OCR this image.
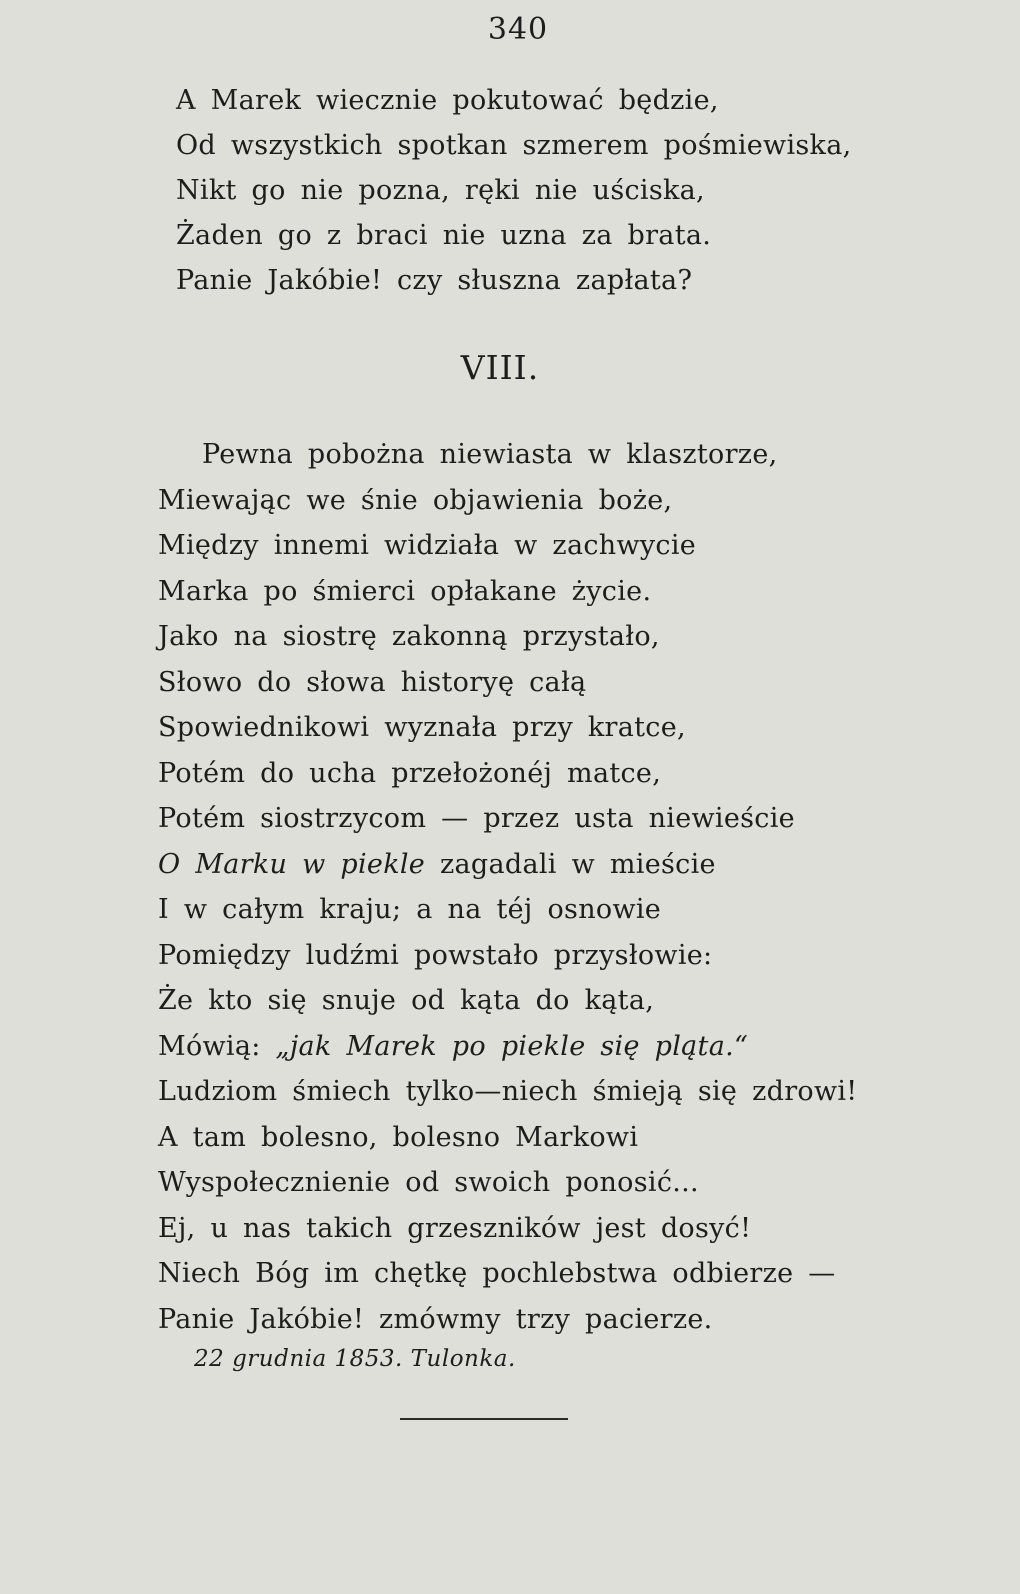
340
A Marek wiecznie pokutować będzie,
Od wszystkich spotkan szmerem pośmiewiska,
Nikt go nie pozna, ręki nie uściska,
Żaden go z braci nie uzna za brata.
Panie Jakóbie! czy słuszna zapłata?
VIII.
Pewna pobożna niewiasta w klasztorze,
Miewając we śnie objawienia boże,
Między innemi widziała w zachwycie
Marka po śmierci opłakane życie.
Jako na siostrę zakonną przystało,
Słowo do słowa historyę całą
Spowiednikowi wyznała przy kratce,
Potém do ucha przełożonéj matce,
Potém siostrzycom — przez usta niewieście
O Marku w piekle zagadali w mieście
I w całym kraju; a na téj osnowie
Pomiędzy ludźmi powstało przysłowie:
Że kto się snuje od kąta do kąta,
Mówią: „jak Marek po piekle się pląta.“
Ludziom śmiech tylko—niech śmieją się zdrowi!
A tam bolesno, bolesno Markowi
Wyspołecznienie od swoich ponosić...
Ej, u nas takich grzeszników jest dosyć!
Niech Bóg im chętkę pochlebstwa odbierze —
Panie Jakóbie! zmówmy trzy pacierze.
22 grudnia 1853. Tulonka.
